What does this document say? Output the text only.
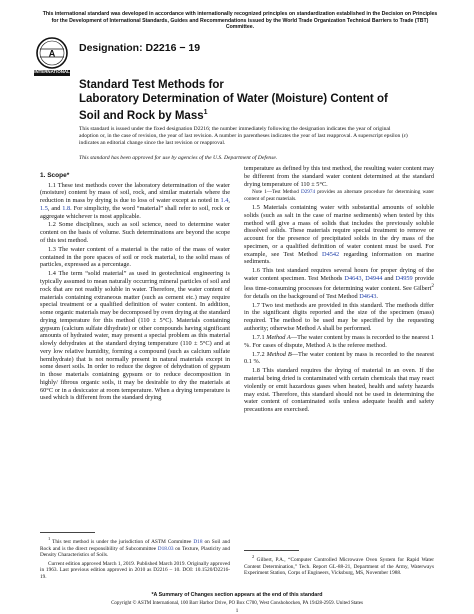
This international standard was developed in accordance with internationally recognized principles on standardization established in the Decision on Principles for the Development of International Standards, Guides and Recommendations issued by the World Trade Organization Technical Barriers to Trade (TBT) Committee.
A
INTERNATIONAL
Designation: D2216 − 19
Standard Test Methods for
Laboratory Determination of Water (Moisture) Content of
Soil and Rock by Mass$^1$
This standard is issued under the fixed designation D2216; the number immediately following the designation indicates the year of original adoption or, in the case of revision, the year of last revision. A number in parentheses indicates the year of last reapproval. A superscript epsilon (ε) indicates an editorial change since the last revision or reapproval.
This standard has been approved for use by agencies of the U.S. Department of Defense.
1. Scope*

1.1 These test methods cover the laboratory determination of the water (moisture) content by mass of soil, rock, and similar materials where the reduction in mass by drying is due to loss of water except as noted in 1.4, 1.5, and 1.8. For simplicity, the word “material” shall refer to soil, rock or aggregate whichever is most applicable.

1.2 Some disciplines, such as soil science, need to determine water content on the basis of volume. Such determinations are beyond the scope of this test method.

1.3 The water content of a material is the ratio of the mass of water contained in the pore spaces of soil or rock material, to the solid mass of particles, expressed as a percentage.

1.4 The term “solid material” as used in geotechnical engineering is typically assumed to mean naturally occurring mineral particles of soil and rock that are not readily soluble in water. Therefore, the water content of materials containing extraneous matter (such as cement etc.) may require special treatment or a qualified definition of water content. In addition, some organic materials may be decomposed by oven drying at the standard drying temperature for this method (110 ± 5°C). Materials containing gypsum (calcium sulfate dihydrate) or other compounds having significant amounts of hydrated water, may present a special problem as this material slowly dehydrates at the standard drying temperature (110 ± 5°C) and at very low relative humidity, forming a compound (such as calcium sulfate hemihydrate) that is not normally present in natural materials except in some desert soils. In order to reduce the degree of dehydration of gypsum in those materials containing gypsum or to reduce decomposition in highly/ fibrous organic soils, it may be desirable to dry the materials at 60°C or in a desiccator at room temperature. When a drying temperature is used which is different from the standard drying

temperature as defined by this test method, the resulting water content may be different from the standard water content determined at the standard drying temperature of 110 ± 5°C.

Note 1—Test Method D2974 provides an alternate procedure for determining water content of peat materials.

1.5 Materials containing water with substantial amounts of soluble solids (such as salt in the case of marine sediments) when tested by this method will give a mass of solids that includes the previously soluble dissolved solids. These materials require special treatment to remove or account for the presence of precipitated solids in the dry mass of the specimen, or a qualified definition of water content must be used. For example, see Test Method D4542 regarding information on marine sediments.

1.6 This test standard requires several hours for proper drying of the water content specimen. Test Methods D4643, D4944 and D4959 provide less time-consuming processes for determining water content. See Gilbert$^2$ for details on the background of Test Method D4643.

1.7 Two test methods are provided in this standard. The methods differ in the significant digits reported and the size of the specimen (mass) required. The method to be used may be specified by the requesting authority; otherwise Method A shall be performed.

1.7.1 Method A—The water content by mass is recorded to the nearest 1 %. For cases of dispute, Method A is the referee method.

1.7.2 Method B—The water content by mass is recorded to the nearest 0.1 %.

1.8 This standard requires the drying of material in an oven. If the material being dried is contaminated with certain chemicals that may react violently or emit hazardous gases when heated, health and safety hazards may exist. Therefore, this standard should not be used in determining the water content of contaminated soils unless adequate health and safety precautions are exercised.

$^1$ This test method is under the jurisdiction of ASTM Committee D18 on Soil and Rock and is the direct responsibility of Subcommittee D18.03 on Texture, Plasticity and Density Characteristics of Soils.

Current edition approved March 1, 2019. Published March 2019. Originally approved in 1963. Last previous edition approved in 2010 as D2216 – 10. DOI: 10.1520/D2216-19.

$^2$ Gilbert, P.A., “Computer Controlled Microwave Oven System for Rapid Water Content Determination,” Tech. Report GL-88-21, Department of the Army, Waterways Experiment Station, Corps of Engineers, Vicksburg, MS, November 1988.

*A Summary of Changes section appears at the end of this standard
Copyright © ASTM International, 100 Barr Harbor Drive, PO Box C700, West Conshohocken, PA 19428-2959. United States
1
